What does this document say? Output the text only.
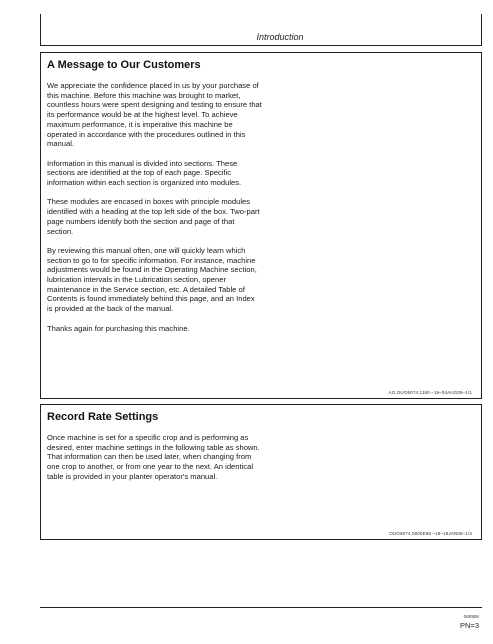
Introduction
A Message to Our Customers

We appreciate the confidence placed in us by your purchase of this machine. Before this machine was brought to market, countless hours were spent designing and testing to ensure that its performance would be at the highest level. To achieve maximum performance, it is imperative this machine be operated in accordance with the procedures outlined in this manual.

Information in this manual is divided into sections. These sections are identified at the top of each page. Specific information within each section is organized into modules.

These modules are encased in boxes with principle modules identified with a heading at the top left side of the box. Two-part page numbers identify both the section and page of that section.

By reviewing this manual often, one will quickly learn which section to go to for specific information. For instance, machine adjustments would be found in the Operating Machine section, lubrication intervals in the Lubrication section, opener maintenance in the Service section, etc. A detailed Table of Contents is found immediately behind this page, and an Index is provided at the back of the manual.

Thanks again for purchasing this machine.

AG,OUO6074,1160 –19–04AUG05–1/1
Record Rate Settings

Once machine is set for a specific crop and is performing as desired, enter machine settings in the following table as shown. That information can then be used later, when changing from one crop to another, or from one year to the next. An identical table is provided in your planter operator's manual.

OUO6074,0000E68 –19–19JAN06–1/3
060906
PN=3
